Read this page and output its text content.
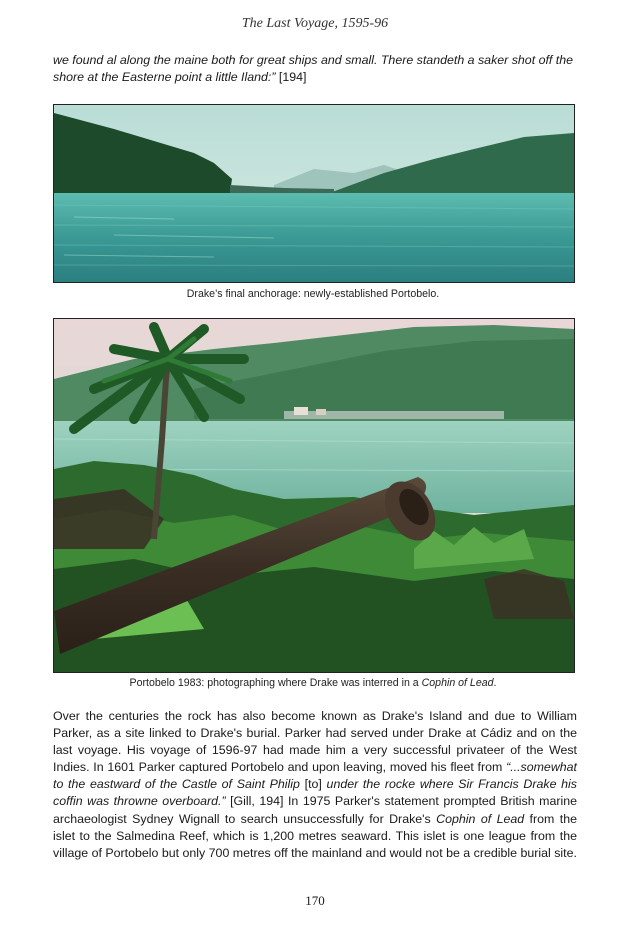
The Last Voyage, 1595-96

we found al along the maine both for great ships and small. There standeth a saker shot off the shore at the Easterne point a little Iland:” [194]

Drake’s final anchorage: newly-established Portobelo.
Portobelo 1983: photographing where Drake was interred in a Cophin of Lead.

Over the centuries the rock has also become known as Drake's Island and due to William Parker, as a site linked to Drake's burial. Parker had served under Drake at Cádiz and on the last voyage. His voyage of 1596-97 had made him a very successful privateer of the West Indies. In 1601 Parker captured Portobelo and upon leaving, moved his fleet from “...somewhat to the eastward of the Castle of Saint Philip [to] under the rocke where Sir Francis Drake his coffin was throwne overboard.” [Gill, 194] In 1975 Parker's statement prompted British marine archaeologist Sydney Wignall to search unsuccessfully for Drake's Cophin of Lead from the islet to the Salmedina Reef, which is 1,200 metres seaward. This islet is one league from the village of Portobelo but only 700 metres off the mainland and would not be a credible burial site.

170
